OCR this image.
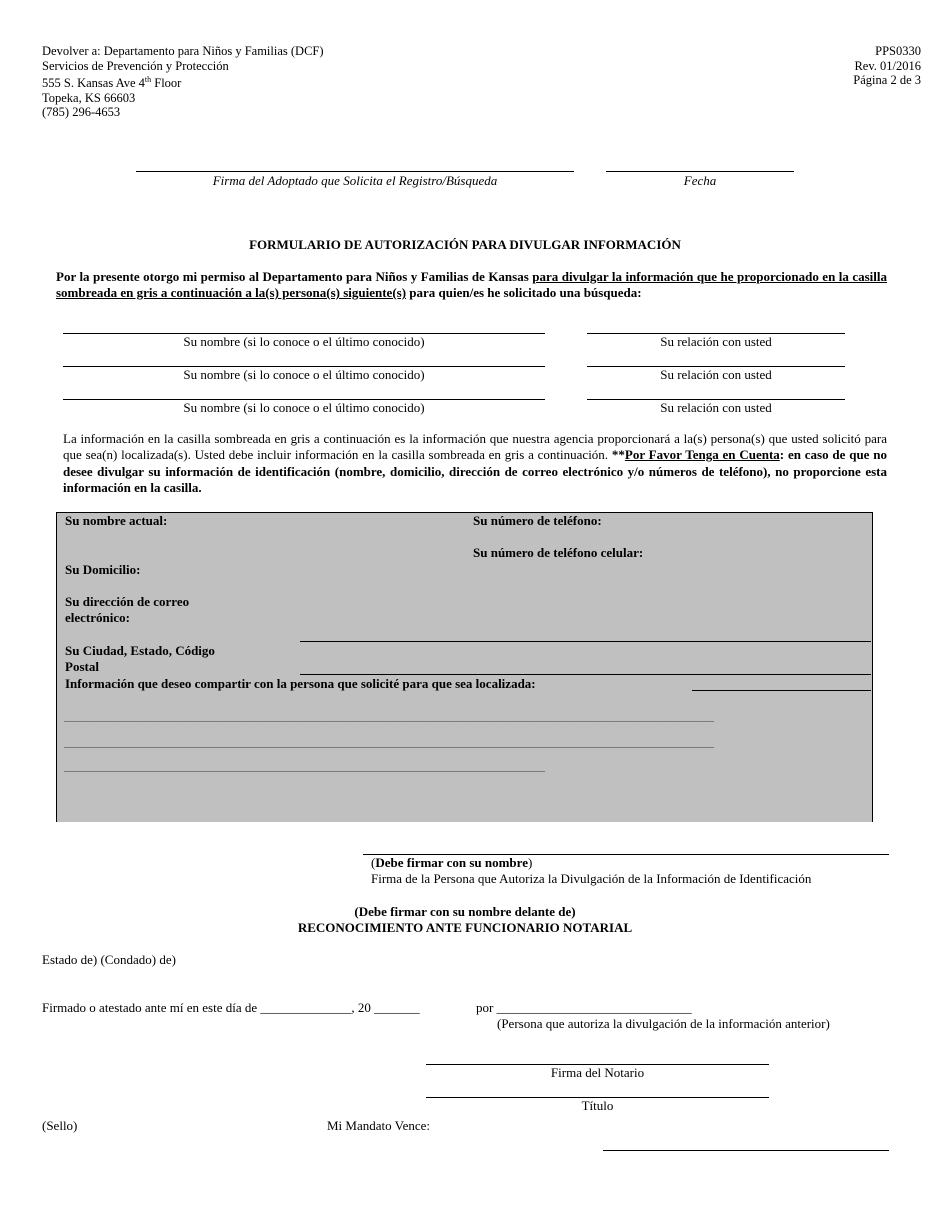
Devolver a: Departamento para Niños y Familias (DCF)
Servicios de Prevención y Protección
555 S. Kansas Ave 4th Floor
Topeka, KS 66603
(785) 296-4653
PPS0330
Rev. 01/2016
Página 2 de 3
Firma del Adoptado que Solicita el Registro/Búsqueda	Fecha
FORMULARIO DE AUTORIZACIÓN PARA DIVULGAR INFORMACIÓN
Por la presente otorgo mi permiso al Departamento para Niños y Familias de Kansas para divulgar la información que he proporcionado en la casilla sombreada en gris a continuación a la(s) persona(s) siguiente(s) para quien/es he solicitado una búsqueda:
Su nombre (si lo conoce o el último conocido)	Su relación con usted
Su nombre (si lo conoce o el último conocido)	Su relación con usted
Su nombre (si lo conoce o el último conocido)	Su relación con usted
La información en la casilla sombreada en gris a continuación es la información que nuestra agencia proporcionará a la(s) persona(s) que usted solicitó para que sea(n) localizada(s). Usted debe incluir información en la casilla sombreada en gris a continuación. **Por Favor Tenga en Cuenta: en caso de que no desee divulgar su información de identificación (nombre, domicilio, dirección de correo electrónico y/o números de teléfono), no proporcione esta información en la casilla.
Su nombre actual:	Su número de teléfono:
Su número de teléfono celular:
Su Domicilio:
Su dirección de correo
electrónico:
Su Ciudad, Estado, Código
Postal
Información que deseo compartir con la persona que solicité para que sea localizada:
____________________________________________________________________________________________________
____________________________________________________________________________________________________
__________________________________________________________________________
(Debe firmar con su nombre)
Firma de la Persona que Autoriza la Divulgación de la Información de Identificación
(Debe firmar con su nombre delante de)
RECONOCIMIENTO ANTE FUNCIONARIO NOTARIAL
Estado de) (Condado) de)
Firmado o atestado ante mí en este día de ______________, 20 _______	por ______________________________
(Persona que autoriza la divulgación de la información anterior)
Firma del Notario
Título
(Sello)	Mi Mandato Vence:
